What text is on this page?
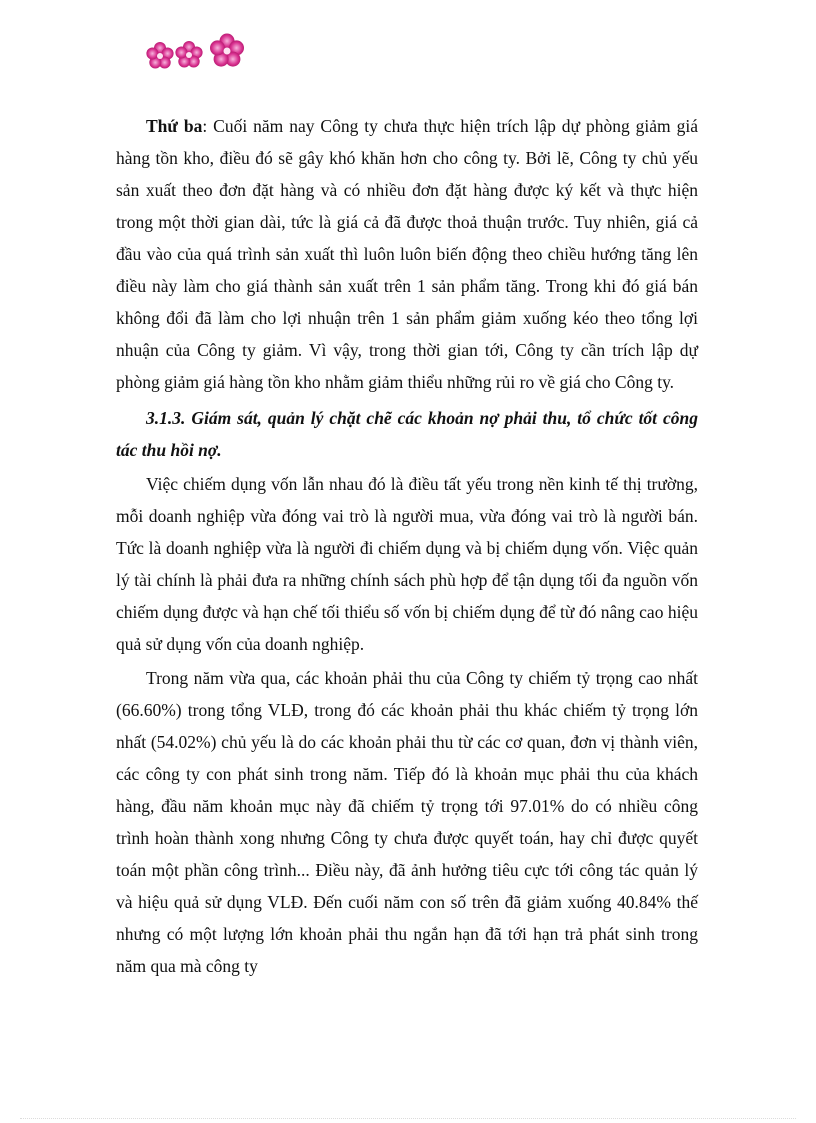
Thứ ba: Cuối năm nay Công ty chưa thực hiện trích lập dự phòng giảm giá hàng tồn kho, điều đó sẽ gây khó khăn hơn cho công ty. Bởi lẽ, Công ty chủ yếu sản xuất theo đơn đặt hàng và có nhiều đơn đặt hàng được ký kết và thực hiện trong một thời gian dài, tức là giá cả đã được thoả thuận trước. Tuy nhiên, giá cả đầu vào của quá trình sản xuất thì luôn luôn biến động theo chiều hướng tăng lên điều này làm cho giá thành sản xuất trên 1 sản phẩm tăng. Trong khi đó giá bán không đổi đã làm cho lợi nhuận trên 1 sản phẩm giảm xuống kéo theo tổng lợi nhuận của Công ty giảm. Vì vậy, trong thời gian tới, Công ty cần trích lập dự phòng giảm giá hàng tồn kho nhằm giảm thiểu những rủi ro về giá cho Công ty.

3.1.3. Giám sát, quản lý chặt chẽ các khoản nợ phải thu, tổ chức tốt công tác thu hồi nợ.

Việc chiếm dụng vốn lẫn nhau đó là điều tất yếu trong nền kinh tế thị trường, mỗi doanh nghiệp vừa đóng vai trò là người mua, vừa đóng vai trò là người bán. Tức là doanh nghiệp vừa là người đi chiếm dụng và bị chiếm dụng vốn. Việc quản lý tài chính là phải đưa ra những chính sách phù hợp để tận dụng tối đa nguồn vốn chiếm dụng được và hạn chế tối thiểu số vốn bị chiếm dụng để từ đó nâng cao hiệu quả sử dụng vốn của doanh nghiệp.

Trong năm vừa qua, các khoản phải thu của Công ty chiếm tỷ trọng cao nhất (66.60%) trong tổng VLĐ, trong đó các khoản phải thu khác chiếm tỷ trọng lớn nhất (54.02%) chủ yếu là do các khoản phải thu từ các cơ quan, đơn vị thành viên, các công ty con phát sinh trong năm. Tiếp đó là khoản mục phải thu của khách hàng, đầu năm khoản mục này đã chiếm tỷ trọng tới 97.01% do có nhiều công trình hoàn thành xong nhưng Công ty chưa được quyết toán, hay chỉ được quyết toán một phần công trình... Điều này, đã ảnh hưởng tiêu cực tới công tác quản lý và hiệu quả sử dụng VLĐ. Đến cuối năm con số trên đã giảm xuống 40.84% thế nhưng có một lượng lớn khoản phải thu ngắn hạn đã tới hạn trả phát sinh trong năm qua mà công ty
